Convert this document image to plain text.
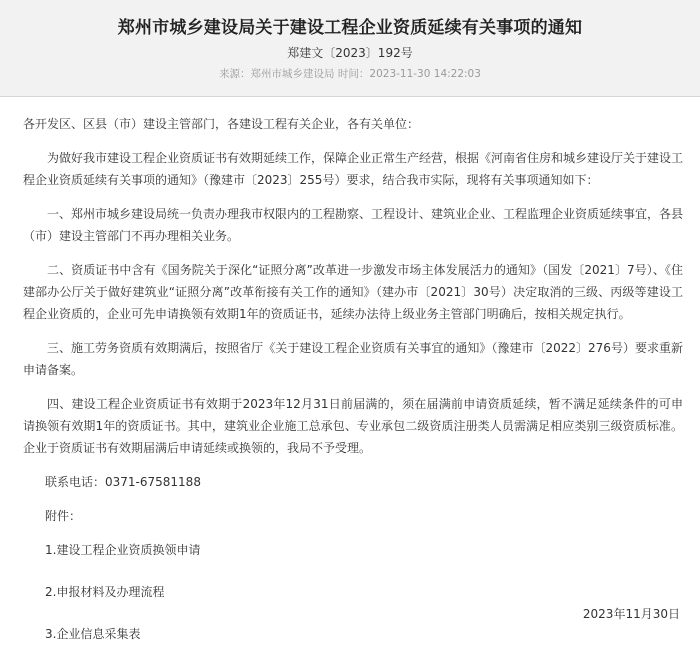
郑州市城乡建设局关于建设工程企业资质延续有关事项的通知
郑建文〔2023〕192号
来源：郑州市城乡建设局 时间：2023-11-30 14:22:03

各开发区、区县（市）建设主管部门，各建设工程有关企业，各有关单位：

为做好我市建设工程企业资质证书有效期延续工作，保障企业正常生产经营，根据《河南省住房和城乡建设厅关于建设工程企业资质延续有关事项的通知》（豫建市〔2023〕255号）要求，结合我市实际，现将有关事项通知如下：

一、郑州市城乡建设局统一负责办理我市权限内的工程勘察、工程设计、建筑业企业、工程监理企业资质延续事宜，各县（市）建设主管部门不再办理相关业务。

二、资质证书中含有《国务院关于深化“证照分离”改革进一步激发市场主体发展活力的通知》（国发〔2021〕7号）、《住建部办公厅关于做好建筑业“证照分离”改革衔接有关工作的通知》（建办市〔2021〕30号）决定取消的三级、丙级等建设工程企业资质的，企业可先申请换领有效期1年的资质证书，延续办法待上级业务主管部门明确后，按相关规定执行。

三、施工劳务资质有效期满后，按照省厅《关于建设工程企业资质有关事宜的通知》（豫建市〔2022〕276号）要求重新申请备案。

四、建设工程企业资质证书有效期于2023年12月31日前届满的，须在届满前申请资质延续，暂不满足延续条件的可申请换领有效期1年的资质证书。其中，建筑业企业施工总承包、专业承包二级资质注册类人员需满足相应类别三级资质标准。企业于资质证书有效期届满后申请延续或换领的，我局不予受理。

联系电话：0371-67581188
附件：
1.建设工程企业资质换领申请
2.申报材料及办理流程
3.企业信息采集表
2023年11月30日
